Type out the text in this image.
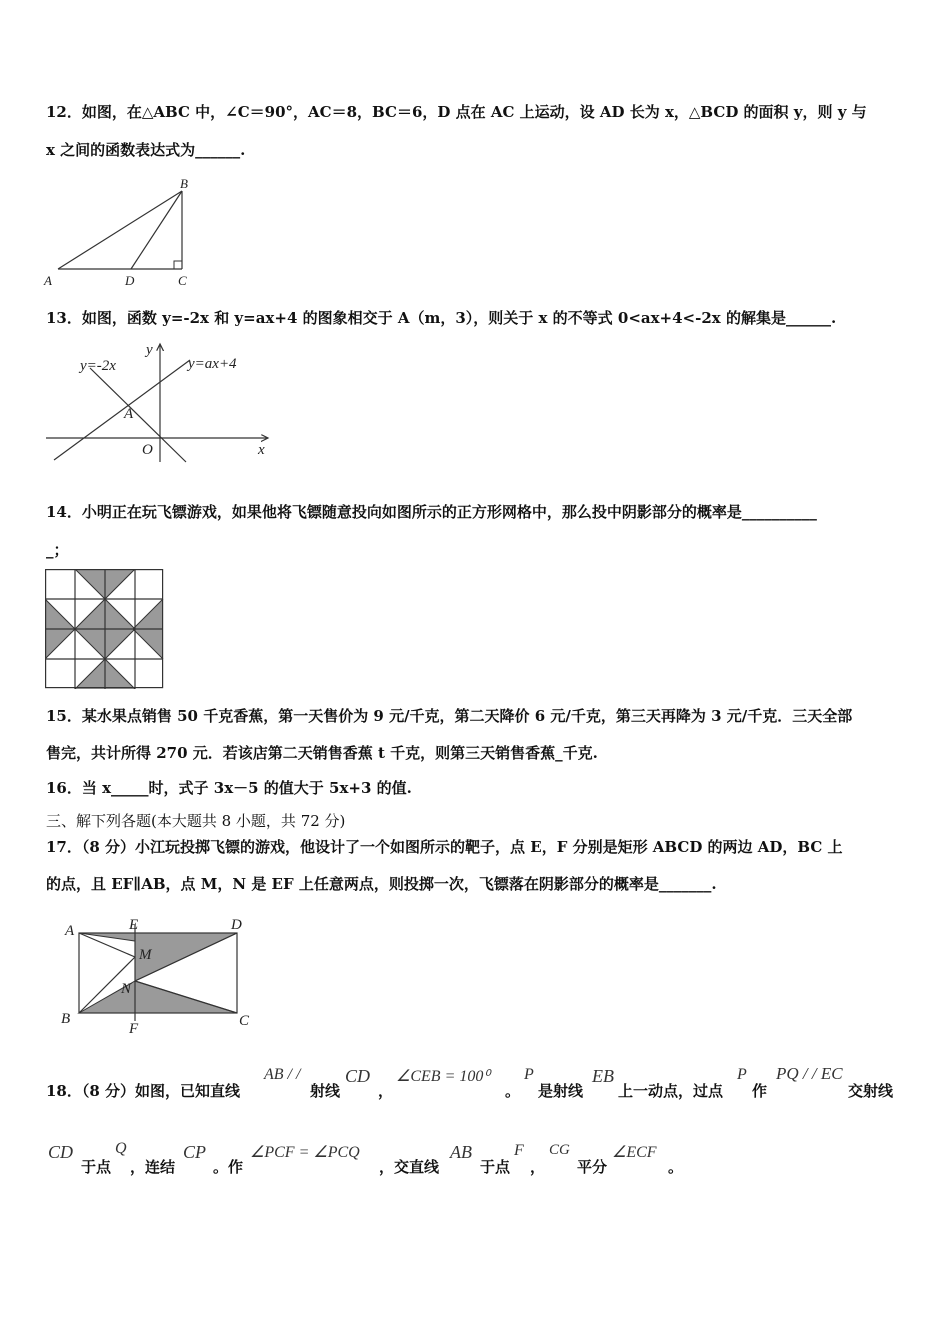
12．如图，在△ABC 中，∠C＝90°，AC＝8，BC＝6，D 点在 AC 上运动，设 AD 长为 x，△BCD 的面积 y，则 y 与
x 之间的函数表达式为______.
A	D	C
B
13．如图，函数 y=-2x 和 y=ax+4 的图象相交于 A（m，3），则关于 x 的不等式 0<ax+4<-2x 的解集是______.
y=-2x	y=ax+4
y
x
A
O
14．小明正在玩飞镖游戏，如果他将飞镖随意投向如图所示的正方形网格中，那么投中阴影部分的概率是__________
_；
15．某水果点销售 50 千克香蕉，第一天售价为 9 元/千克，第二天降价 6 元/千克，第三天再降为 3 元/千克．三天全部
售完，共计所得 270 元．若该店第二天销售香蕉 t 千克，则第三天销售香蕉_千克.
16．当 x_____时，式子 3x－5 的值大于 5x+3 的值.
三、解下列各题(本大题共 8 小题，共 72 分)
17．（8 分）小江玩投掷飞镖的游戏，他设计了一个如图所示的靶子，点 E，F 分别是矩形 ABCD 的两边 AD，BC 上
的点，且 EF∥AB，点 M，N 是 EF 上任意两点，则投掷一次，飞镖落在阴影部分的概率是_______.
A	E	D
M
N
B
F	C
18．（8 分）如图，已知直线
AB / /
射线
CD
，
∠CEB = 100⁰
。
P
是射线
EB
上一动点，过点
P
作
PQ / / EC
交射线
CD
于点
Q
，连结
CP
。作
∠PCF = ∠PCQ
，交直线
AB
于点
F
，
CG
平分
∠ECF
。
